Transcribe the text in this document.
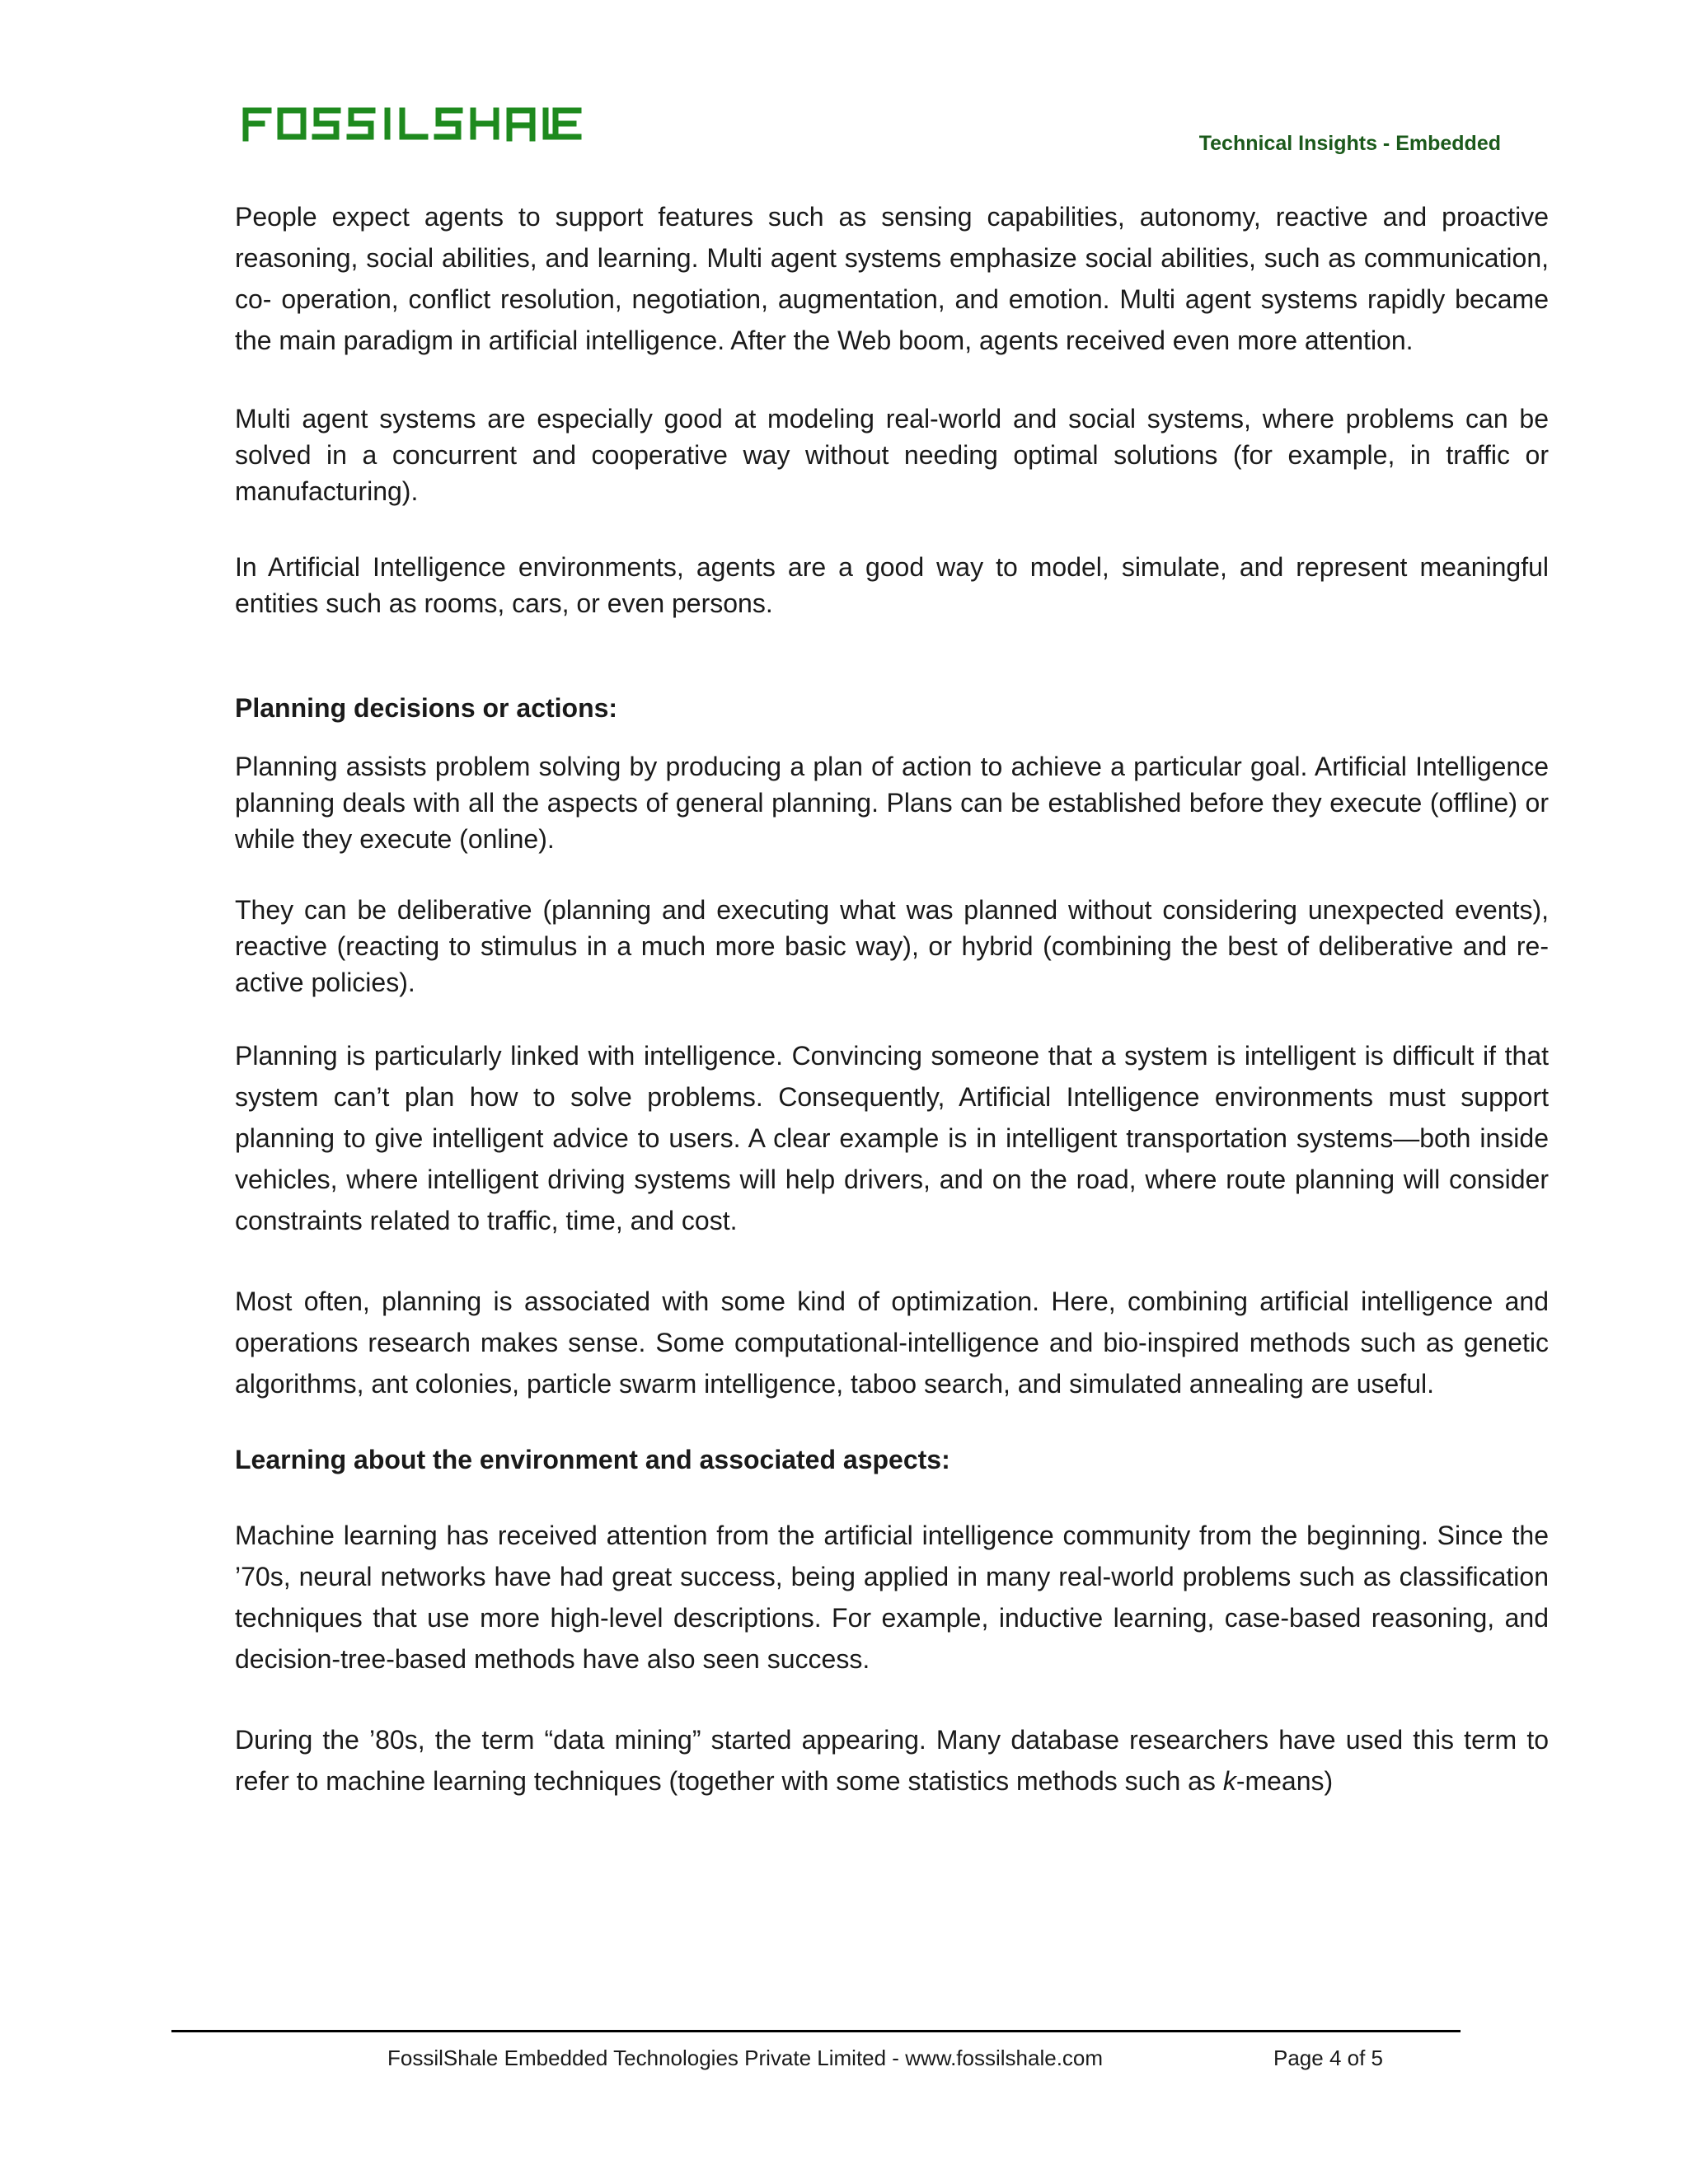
Technical Insights - Embedded

People expect agents to support features such as sensing capabilities, autonomy, reactive and proactive reasoning, social abilities, and learning. Multi agent systems emphasize social abilities, such as communication, co- operation, conflict resolution, negotiation, augmentation, and emotion. Multi agent systems rapidly became the main paradigm in artificial intelligence. After the Web boom, agents received even more attention.

Multi agent systems are especially good at modeling real-world and social systems, where problems can be solved in a concurrent and cooperative way without needing optimal solutions (for example, in traffic or manufacturing).

In Artificial Intelligence environments, agents are a good way to model, simulate, and represent meaningful entities such as rooms, cars, or even persons.

Planning decisions or actions:

Planning assists problem solving by producing a plan of action to achieve a particular goal. Artificial Intelligence planning deals with all the aspects of general planning. Plans can be established before they execute (offline) or while they execute (online).

They can be deliberative (planning and executing what was planned without considering unexpected events), reactive (reacting to stimulus in a much more basic way), or hybrid (combining the best of deliberative and re- active policies).

Planning is particularly linked with intelligence. Convincing someone that a system is intelligent is difficult if that system can’t plan how to solve problems. Consequently, Artificial Intelligence environments must support planning to give intelligent advice to users. A clear example is in intelligent transportation systems—both inside vehicles, where intelligent driving systems will help drivers, and on the road, where route planning will consider constraints related to traffic, time, and cost.

Most often, planning is associated with some kind of optimization. Here, combining artificial intelligence and operations research makes sense. Some computational-intelligence and bio-inspired methods such as genetic algorithms, ant colonies, particle swarm intelligence, taboo search, and simulated annealing are useful.

Learning about the environment and associated aspects:

Machine learning has received attention from the artificial intelligence community from the beginning. Since the ’70s, neural networks have had great success, being applied in many real-world problems such as classification techniques that use more high-level descriptions. For example, inductive learning, case-based reasoning, and decision-tree-based methods have also seen success.

During the ’80s, the term “data mining” started appearing. Many database researchers have used this term to refer to machine learning techniques (together with some statistics methods such as k-means)

FossilShale Embedded Technologies Private Limited - www.fossilshale.com	Page 4 of 5
